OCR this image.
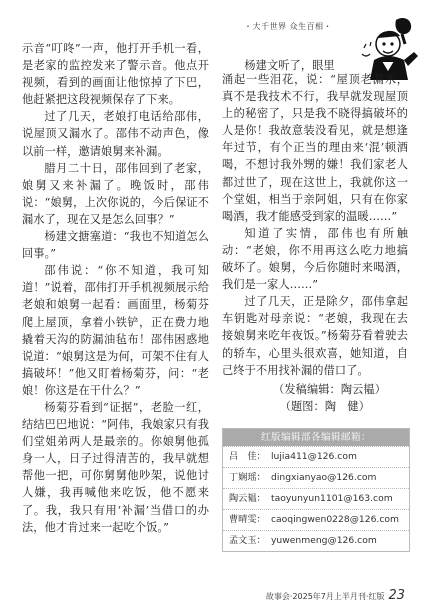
・大千世界 众生百相・

示音“叮咚”一声，他打开手机一看，是老家的监控发来了警示音。他点开视频，看到的画面让他惊掉了下巴，他赶紧把这段视频保存了下来。

过了几天，老娘打电话给邵伟，说屋顶又漏水了。邵伟不动声色，像以前一样，邀请娘舅来补漏。

腊月二十日，邵伟回到了老家，娘舅又来补漏了。晚饭时，邵伟说：“娘舅，上次你说的，今后保证不漏水了，现在又是怎么回事？”

杨建文搪塞道：“我也不知道怎么回事。”

邵伟说：“你不知道，我可知道！”说着，邵伟打开手机视频展示给老娘和娘舅一起看：画面里，杨菊芬爬上屋顶，拿着小铁铲，正在费力地撬着天沟的防漏油毡布！邵伟困惑地说道：“娘舅这是为何，可架不住有人搞破坏！”他又盯着杨菊芬，问：“老娘！你这是在干什么？”

杨菊芬看到“证据”，老脸一红，结结巴巴地说：“阿伟，我娘家只有我们堂姐弟两人是最亲的。你娘舅他孤身一人，日子过得清苦的，我早就想帮他一把，可你舅舅他吵架，说他讨人嫌，我再喊他来吃饭，他不愿来了。我，我只有用‘补漏’当借口的办法，他才肯过来一起吃个饭。”

杨建文听了，眼里

涌起一些泪花，说：“屋顶老漏水，真不是我技术不行，我早就发现屋顶上的秘密了，只是我不晓得搞破坏的人是你！我故意装没看见，就是想逢年过节，有个正当的理由来‘混’顿酒喝，不想讨我外甥的嫌！我们家老人都过世了，现在这世上，我就你这一个堂姐，相当于亲阿姐，只有在你家喝酒，我才能感受到家的温暖……”

知道了实情，邵伟也有所触动：“老娘，你不用再这么吃力地搞破坏了。娘舅，今后你随时来喝酒，我们是一家人……”

过了几天，正是除夕，邵伟拿起车钥匙对母亲说：“老娘，我现在去接娘舅来吃年夜饭。”杨菊芬看着驶去的轿车，心里头很欢喜，她知道，自己终于不用找补漏的借口了。

（发稿编辑：陶云韫）

（题图：陶　健）

红版编辑部各编辑邮箱：
吕　佳： lujia411@126.com
丁娴瑶： dingxianyao@126.com
陶云韫： taoyunyun1101@163.com
曹晴雯： caoqingwen0228@126.com
孟文玉： yuwenmeng@126.com
故事会·2025年7月上半月刊·红版 23
